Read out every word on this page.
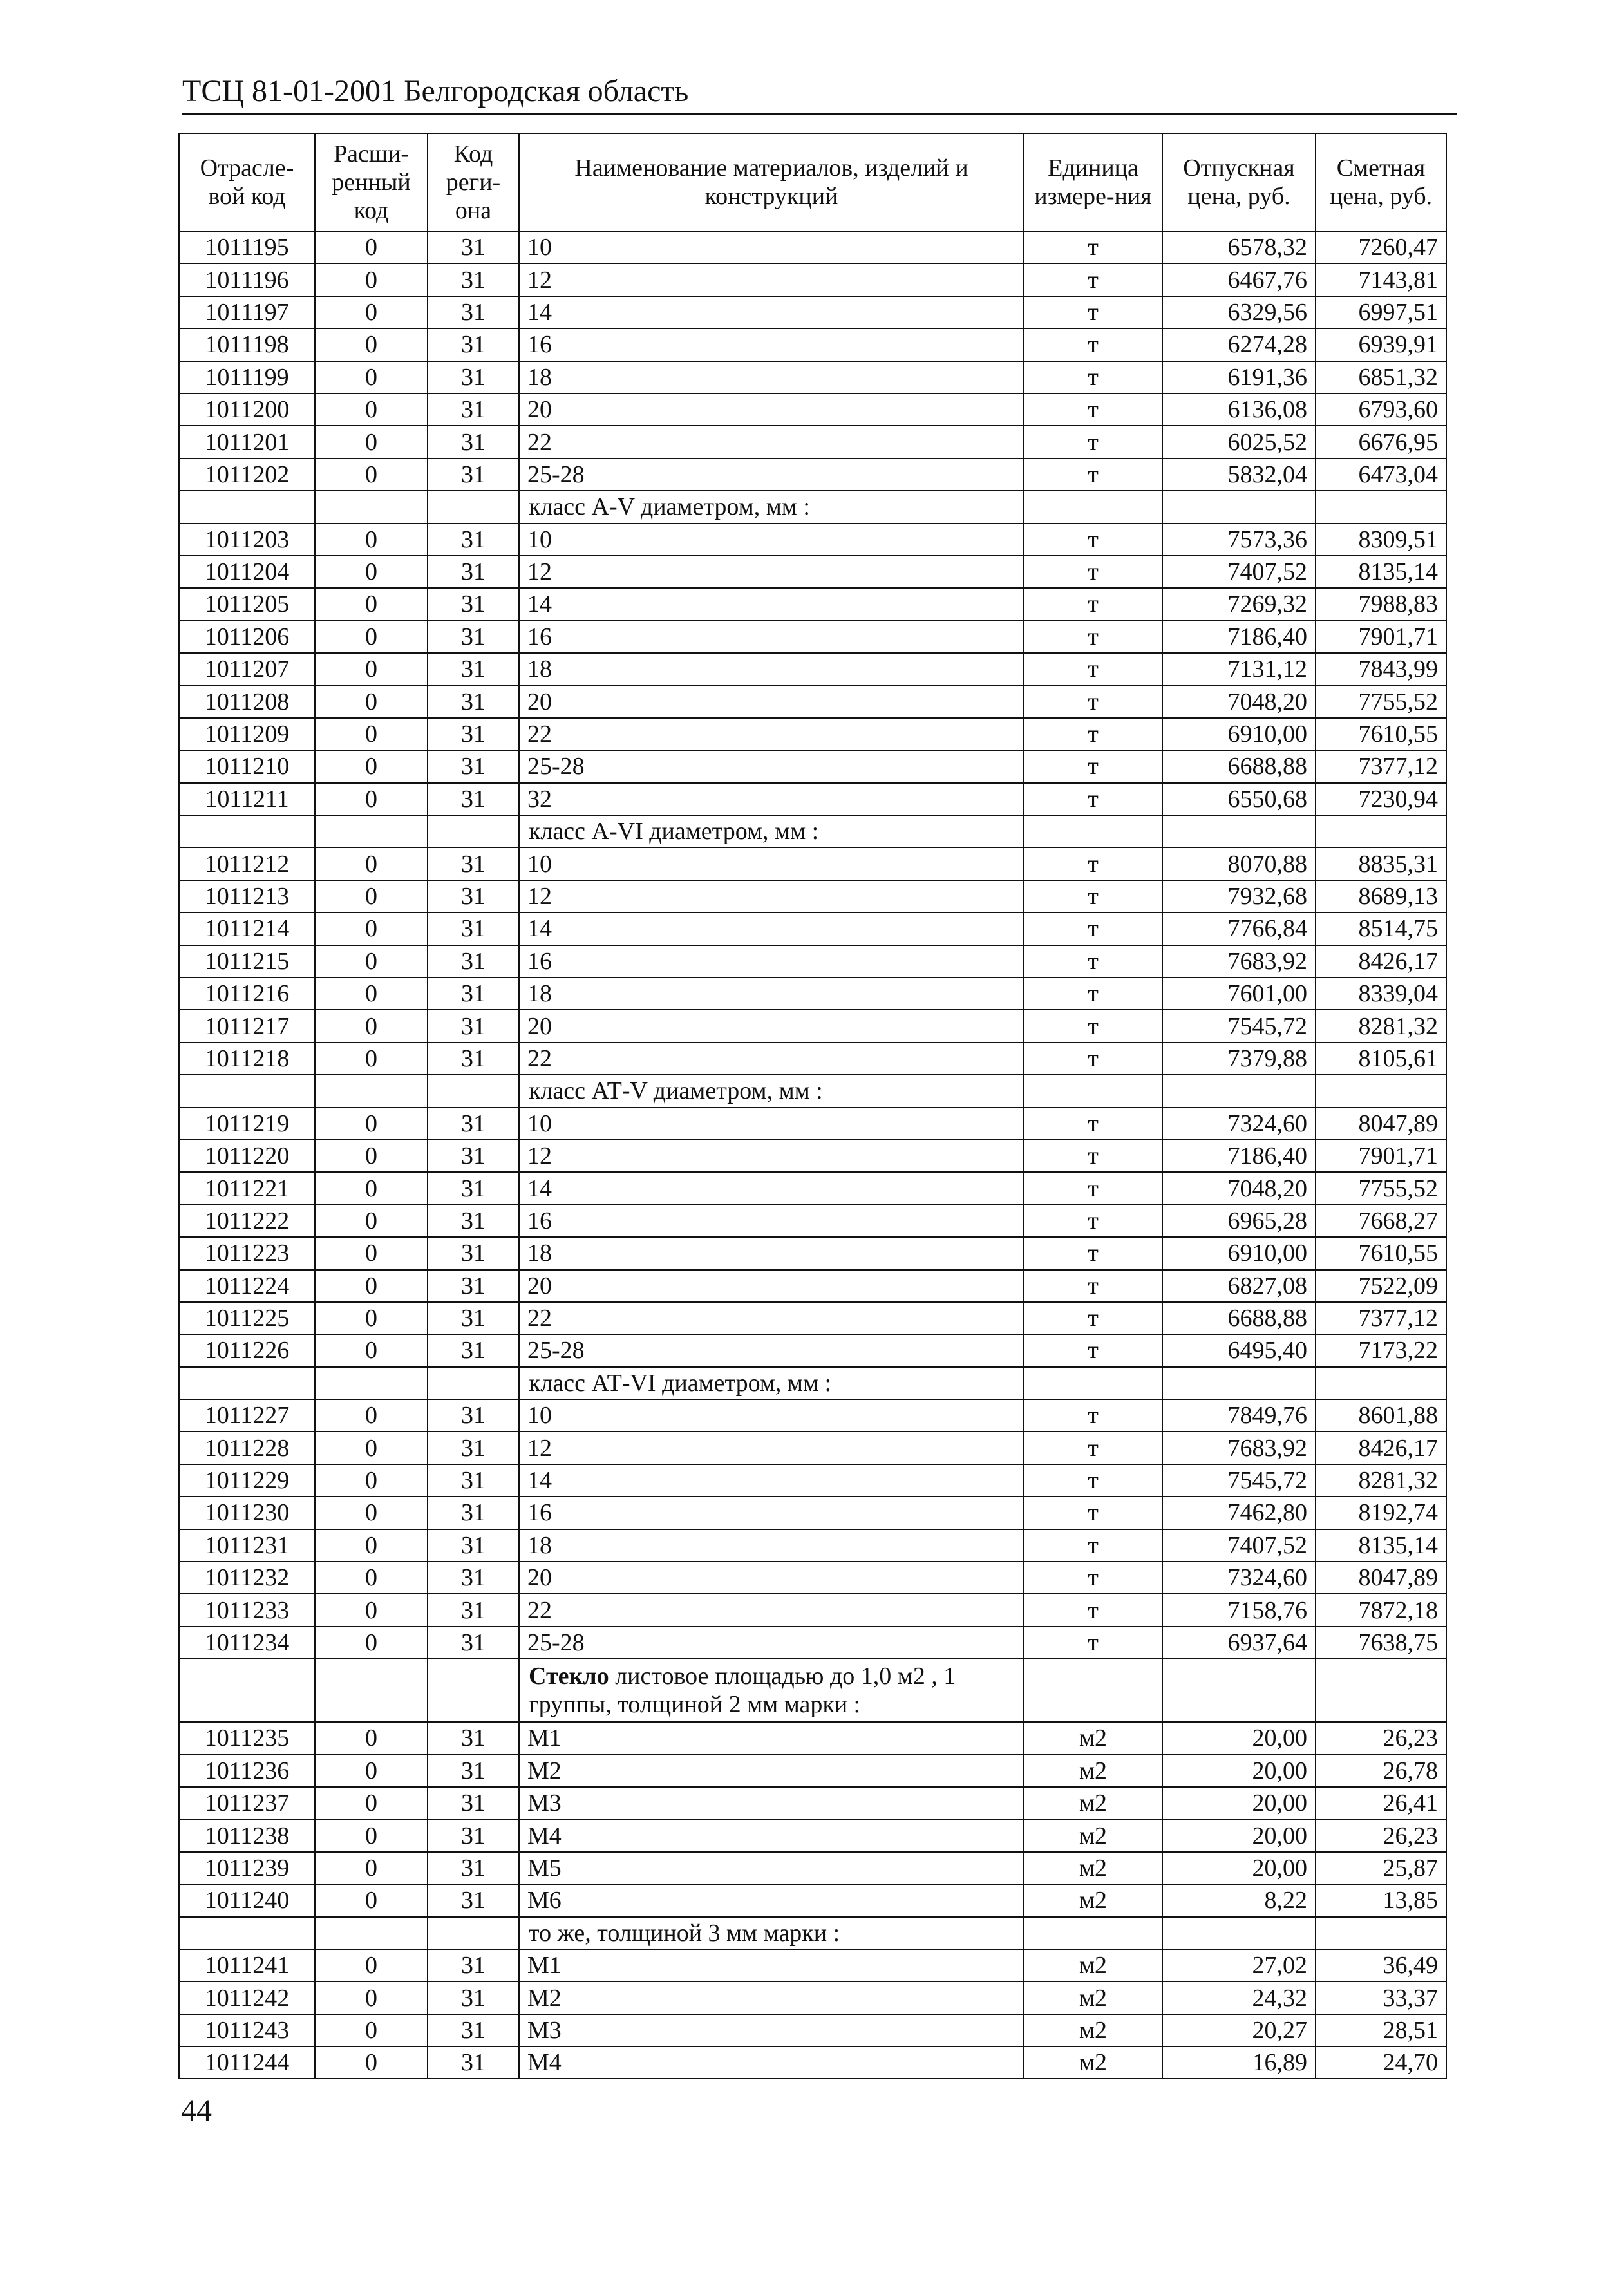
ТСЦ 81-01-2001 Белгородская область
Отрасле-вой код	Расши-ренный код	Код реги-она	Наименование материалов, изделий и конструкций	Единица измере-ния	Отпускная цена, руб.	Сметная цена, руб.
1011195	0	31	10	т	6578,32	7260,47
1011196	0	31	12	т	6467,76	7143,81
1011197	0	31	14	т	6329,56	6997,51
1011198	0	31	16	т	6274,28	6939,91
1011199	0	31	18	т	6191,36	6851,32
1011200	0	31	20	т	6136,08	6793,60
1011201	0	31	22	т	6025,52	6676,95
1011202	0	31	25-28	т	5832,04	6473,04
			класс А-V диаметром, мм :			
1011203	0	31	10	т	7573,36	8309,51
1011204	0	31	12	т	7407,52	8135,14
1011205	0	31	14	т	7269,32	7988,83
1011206	0	31	16	т	7186,40	7901,71
1011207	0	31	18	т	7131,12	7843,99
1011208	0	31	20	т	7048,20	7755,52
1011209	0	31	22	т	6910,00	7610,55
1011210	0	31	25-28	т	6688,88	7377,12
1011211	0	31	32	т	6550,68	7230,94
			класс А-VI диаметром, мм :			
1011212	0	31	10	т	8070,88	8835,31
1011213	0	31	12	т	7932,68	8689,13
1011214	0	31	14	т	7766,84	8514,75
1011215	0	31	16	т	7683,92	8426,17
1011216	0	31	18	т	7601,00	8339,04
1011217	0	31	20	т	7545,72	8281,32
1011218	0	31	22	т	7379,88	8105,61
			класс АТ-V диаметром, мм :			
1011219	0	31	10	т	7324,60	8047,89
1011220	0	31	12	т	7186,40	7901,71
1011221	0	31	14	т	7048,20	7755,52
1011222	0	31	16	т	6965,28	7668,27
1011223	0	31	18	т	6910,00	7610,55
1011224	0	31	20	т	6827,08	7522,09
1011225	0	31	22	т	6688,88	7377,12
1011226	0	31	25-28	т	6495,40	7173,22
			класс АТ-VI диаметром, мм :			
1011227	0	31	10	т	7849,76	8601,88
1011228	0	31	12	т	7683,92	8426,17
1011229	0	31	14	т	7545,72	8281,32
1011230	0	31	16	т	7462,80	8192,74
1011231	0	31	18	т	7407,52	8135,14
1011232	0	31	20	т	7324,60	8047,89
1011233	0	31	22	т	7158,76	7872,18
1011234	0	31	25-28	т	6937,64	7638,75
			Стекло листовое площадью до 1,0 м2 , 1 группы, толщиной 2 мм марки :			
1011235	0	31	М1	м2	20,00	26,23
1011236	0	31	М2	м2	20,00	26,78
1011237	0	31	М3	м2	20,00	26,41
1011238	0	31	М4	м2	20,00	26,23
1011239	0	31	М5	м2	20,00	25,87
1011240	0	31	М6	м2	8,22	13,85
			то же, толщиной 3 мм марки :			
1011241	0	31	М1	м2	27,02	36,49
1011242	0	31	М2	м2	24,32	33,37
1011243	0	31	М3	м2	20,27	28,51
1011244	0	31	М4	м2	16,89	24,70
44
